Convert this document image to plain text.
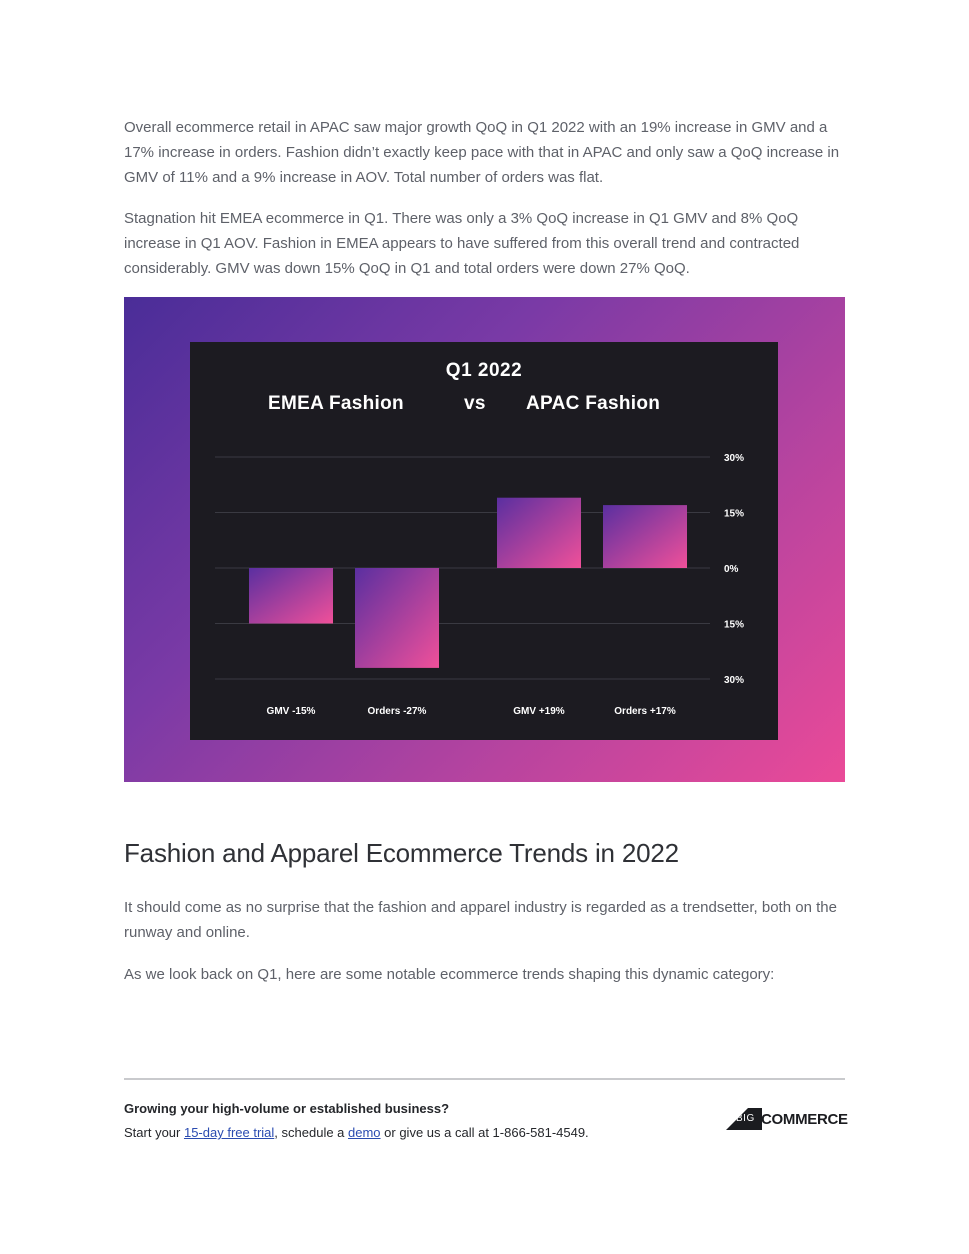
Overall ecommerce retail in APAC saw major growth QoQ in Q1 2022 with an 19% increase in GMV and a 17% increase in orders. Fashion didn’t exactly keep pace with that in APAC and only saw a QoQ increase in GMV of 11% and a 9% increase in AOV. Total number of orders was flat.

Stagnation hit EMEA ecommerce in Q1. There was only a 3% QoQ increase in Q1 GMV and 8% QoQ increase in Q1 AOV. Fashion in EMEA appears to have suffered from this overall trend and contracted considerably. GMV was down 15% QoQ in Q1 and total orders were down 27% QoQ.

Q1 2022
EMEA Fashion	vs APAC Fashion
30%
15%
0%
15%
30%
GMV -15%	Orders -27%	GMV +19%	Orders +17%
Fashion and Apparel Ecommerce Trends in 2022

It should come as no surprise that the fashion and apparel industry is regarded as a trendsetter, both on the runway and online.

As we look back on Q1, here are some notable ecommerce trends shaping this dynamic category:

Growing your high-volume or established business?
Start your 15-day free trial, schedule a demo or give us a call at 1-866-581-4549.
BIG COMMERCE
